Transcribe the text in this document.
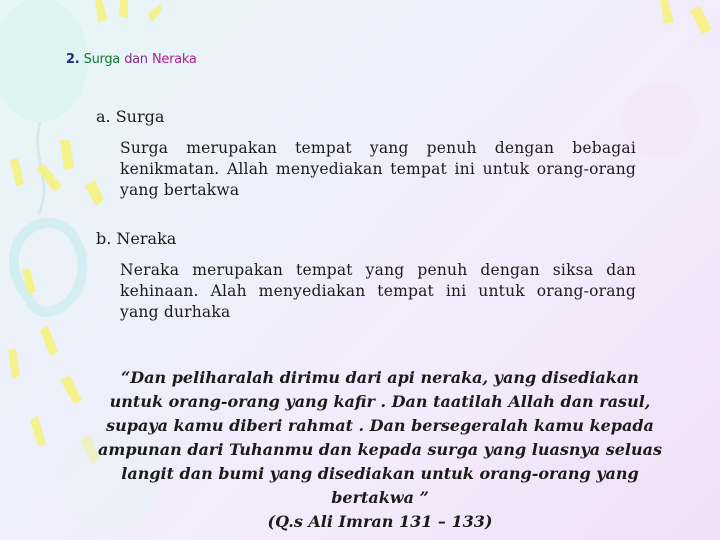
2. Surga dan Neraka
a. Surga
Surga merupakan tempat yang penuh dengan bebagai kenikmatan. Allah menyediakan tempat ini untuk orang-orang yang bertakwa
b. Neraka
Neraka merupakan tempat yang penuh dengan siksa dan kehinaan. Alah menyediakan tempat ini untuk orang-orang yang durhaka
“Dan peliharalah dirimu dari api neraka, yang disediakan untuk orang-orang yang kafir . Dan taatilah Allah dan rasul, supaya kamu diberi rahmat . Dan bersegeralah kamu kepada ampunan dari Tuhanmu dan kepada surga yang luasnya seluas langit dan bumi yang disediakan untuk orang-orang yang bertakwa ”
(Q.s Ali Imran 131 – 133)
